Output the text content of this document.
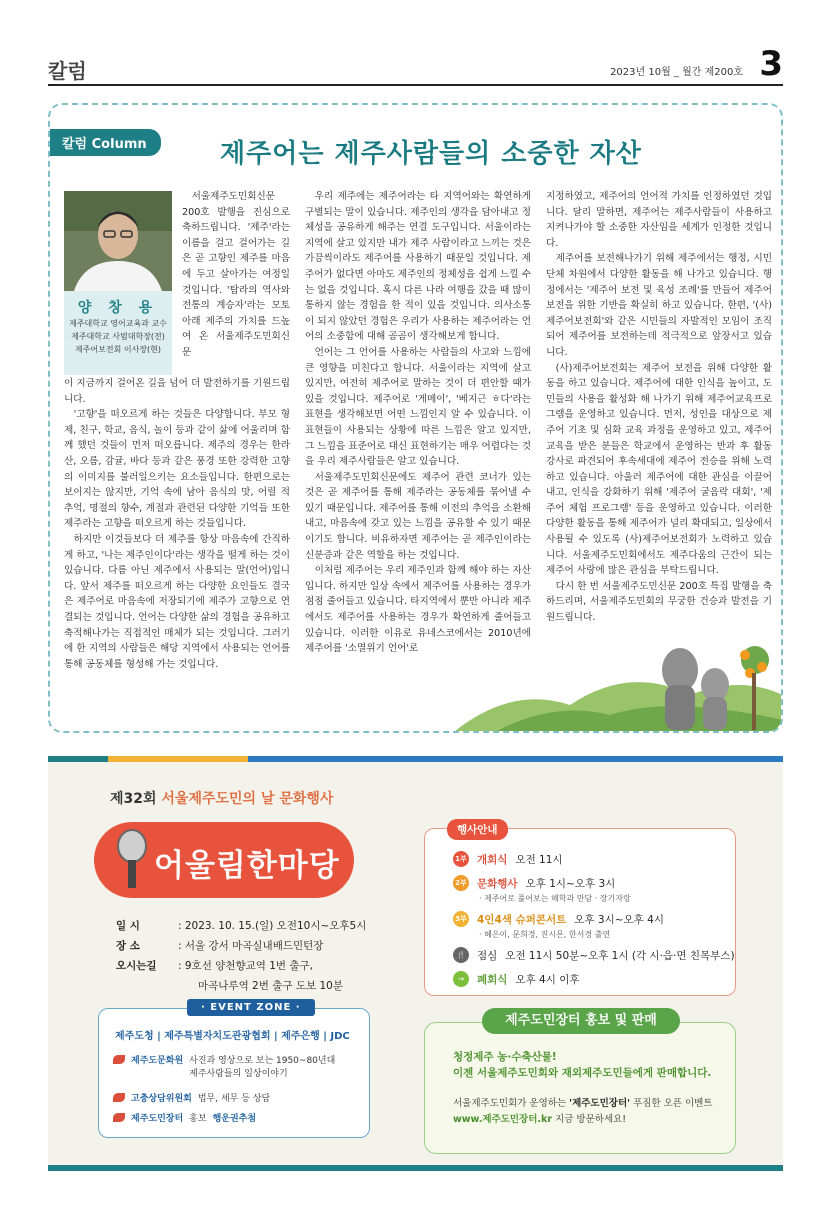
칼럼	2023년 10월 _ 월간 제200호 3
칼럼 Column	제주어는 제주사람들의 소중한 자산
양 창 용
제주대학교 영어교육과 교수
제주대학교 사범대학장(전)
제주어보전회 이사장(현)

서울제주도민회신문 200호 발행을 진심으로 축하드립니다. '제주'라는 이름을 걸고 걸어가는 길은 곧 고향인 제주를 마음에 두고 살아가는 여정일 것입니다. '탐라의 역사와 전통의 계승자'라는 모토 아래 제주의 가치를 드높여 온 서울제주도민회신문

이 지금까지 걸어온 길을 넘어 더 발전하기를 기원드립니다.

'고향'을 떠오르게 하는 것들은 다양합니다. 부모 형제, 친구, 학교, 음식, 놀이 등과 같이 삶에 어울리며 함께 했던 것들이 먼저 떠오릅니다. 제주의 경우는 한라산, 오름, 감귤, 바다 등과 같은 풍경 또한 강력한 고향의 이미지를 불러일으키는 요소들입니다. 한편으로는 보이지는 않지만, 기억 속에 남아 음식의 맛, 어릴 적 추억, 명절의 향수, 계절과 관련된 다양한 기억들 또한 제주라는 고향을 떠오르게 하는 것들입니다.

하지만 이것들보다 더 제주를 항상 마음속에 간직하게 하고, '나는 제주인이다'라는 생각을 떨게 하는 것이 있습니다. 다름 아닌 제주에서 사용되는 말(언어)입니다. 앞서 제주를 떠오르게 하는 다양한 요인들도 결국은 제주어로 마음속에 저장되기에 제주가 고향으로 연결되는 것입니다. 언어는 다양한 삶의 경험을 공유하고 축적해나가는 직접적인 매체가 되는 것입니다. 그러기에 한 지역의 사람들은 해당 지역에서 사용되는 언어를 통해 공동체를 형성해 가는 것입니다.

우리 제주에는 제주어라는 타 지역어와는 확연하게 구별되는 말이 있습니다. 제주인의 생각을 담아내고 정체성을 공유하게 해주는 연결 도구입니다. 서울이라는 지역에 살고 있지만 내가 제주 사람이라고 느끼는 것은 가끔씩이라도 제주어를 사용하기 때문일 것입니다. 제주어가 없다면 아마도 제주인의 정체성을 쉽게 느낄 수는 없을 것입니다. 혹시 다른 나라 여행을 갔을 때 많이 통하지 않는 경험을 한 적이 있을 것입니다. 의사소통이 되지 않았던 경험은 우리가 사용하는 제주어라는 언어의 소중함에 대해 곰곰이 생각해보게 합니다.

언어는 그 언어를 사용하는 사람들의 사고와 느낌에 큰 영향을 미친다고 합니다. 서울이라는 지역에 살고 있지만, 여전히 제주어로 말하는 것이 더 편안할 때가 있을 것입니다. 제주어로 '게메이', '베지근 ㅎ다'라는 표현을 생각해보면 어떤 느낌인지 알 수 있습니다. 이 표현들이 사용되는 상황에 따른 느낌은 알고 있지만, 그 느낌을 표준어로 대신 표현하기는 매우 어렵다는 것을 우리 제주사람들은 알고 있습니다.

서울제주도민회신문에도 제주어 관련 코너가 있는 것은 곧 제주어를 통해 제주라는 공동체를 묶어낼 수 있기 때문입니다. 제주어를 통해 이전의 추억을 소환해 내고, 마음속에 갖고 있는 느낌을 공유할 수 있기 때문이기도 합니다. 비유하자면 제주어는 곧 제주인이라는 신분증과 같은 역할을 하는 것입니다.

이처럼 제주어는 우리 제주인과 함께 해야 하는 자산입니다. 하지만 일상 속에서 제주어를 사용하는 경우가 점점 줄어들고 있습니다. 타지역에서 뿐만 아니라 제주에서도 제주어를 사용하는 경우가 확연하게 줄어들고 있습니다. 이러한 이유로 유네스코에서는 2010년에 제주어를 '소멸위기 언어'로

지정하였고, 제주어의 언어적 가치를 인정하였던 것입니다. 달리 말하면, 제주어는 제주사람들이 사용하고 지켜나가야 할 소중한 자산임을 세계가 인정한 것입니다.

제주어를 보전해나가기 위해 제주에서는 행정, 시민단체 차원에서 다양한 활동을 해 나가고 있습니다. 행정에서는 '제주어 보전 및 육성 조례'를 만들어 제주어 보전을 위한 기반을 확실히 하고 있습니다. 한편, '(사)제주어보전회'와 같은 시민들의 자발적인 모임이 조직되어 제주어를 보전하는데 적극적으로 앞장서고 있습니다.

(사)제주어보전회는 제주어 보전을 위해 다양한 활동을 하고 있습니다. 제주어에 대한 인식을 높이고, 도민들의 사용을 활성화 해 나가기 위해 제주어교육프로그램을 운영하고 있습니다. 먼저, 성인을 대상으로 제주어 기초 및 심화 교육 과정을 운영하고 있고, 제주어 교육을 받은 분들은 학교에서 운영하는 반과 후 활동 강사로 파견되어 후속세대에 제주어 전승을 위해 노력하고 있습니다. 아울러 제주어에 대한 관심을 이끌어 내고, 인식을 강화하기 위해 '제주어 굴음락 대회', '제주어 체험 프로그램' 등을 운영하고 있습니다. 이러한 다양한 활동을 통해 제주어가 널리 확대되고, 일상에서 사용될 수 있도록 (사)제주어보전회가 노력하고 있습니다. 서울제주도민회에서도 제주다움의 근간이 되는 제주어 사랑에 많은 관심을 부탁드립니다.

다시 한 번 서울제주도민신문 200호 특집 발행을 축하드리며, 서울제주도민회의 무궁한 건승과 발전을 기원드립니다.

제32회 서울제주도민의 날 문화행사
어울림한마당
일 시	: 2023. 10. 15.(일) 오전10시~오후5시
장 소	: 서울 강서 마곡실내배드민턴장
오시는길	: 9호선 양천향교역 1번 출구,
마곡나루역 2번 출구 도보 10분
· EVENT ZONE ·
제주도청 | 제주특별자치도관광협회 | 제주은행 | JDC
제주도문화원 사진과 영상으로 보는 1950~80년대
제주사람들의 일상이야기
고충상담위원회 법무, 세무 등 상담
제주도민장터 홍보 행운권추첨
행사안내
1부 개회식 오전 11시
2부 문화행사 오후 1시~오후 3시
· 제주어로 풀어보는 해학과 만담 · 장기자랑
3부 4인4색 슈퍼콘서트 오후 3시~오후 4시
· 혜은이, 문희경, 진시몬, 한서경 출연
🍴	점심 오전 11시 50분~오후 1시 (각 시·읍·면 친목부스)
→	폐회식 오후 4시 이후
제주도민장터 홍보 및 판매
청정제주 농·수축산물!
이젠 서울제주도민회와 재외제주도민들에게 판매합니다.
서울제주도민회가 운영하는 '제주도민장터' 푸짐한 오픈 이벤트
www.제주도민장터.kr 지금 방문하세요!
